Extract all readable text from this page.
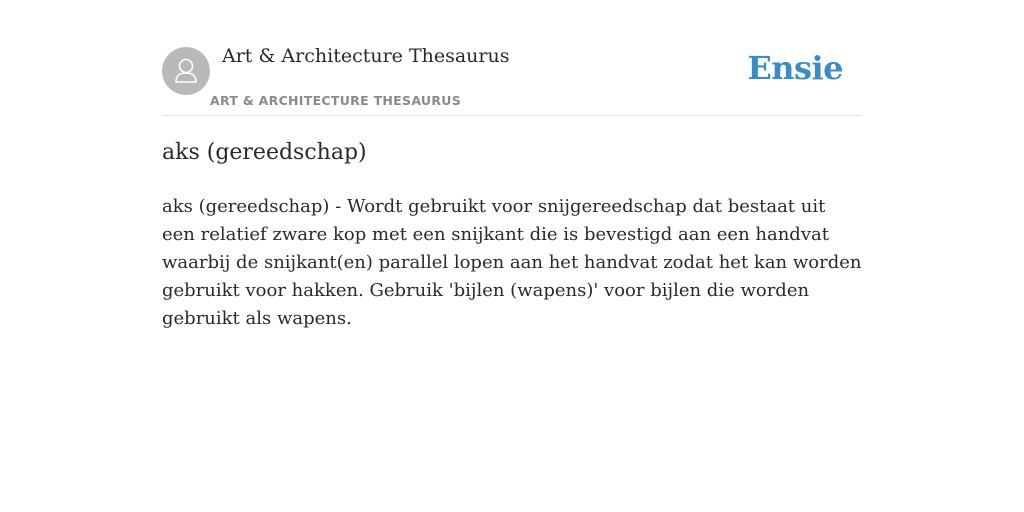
Art & Architecture Thesaurus
ART & ARCHITECTURE THESAURUS
Ensie
aks (gereedschap)

aks (gereedschap) - Wordt gebruikt voor snijgereedschap dat bestaat uit een relatief zware kop met een snijkant die is bevestigd aan een handvat waarbij de snijkant(en) parallel lopen aan het handvat zodat het kan worden gebruikt voor hakken. Gebruik 'bijlen (wapens)' voor bijlen die worden gebruikt als wapens.
